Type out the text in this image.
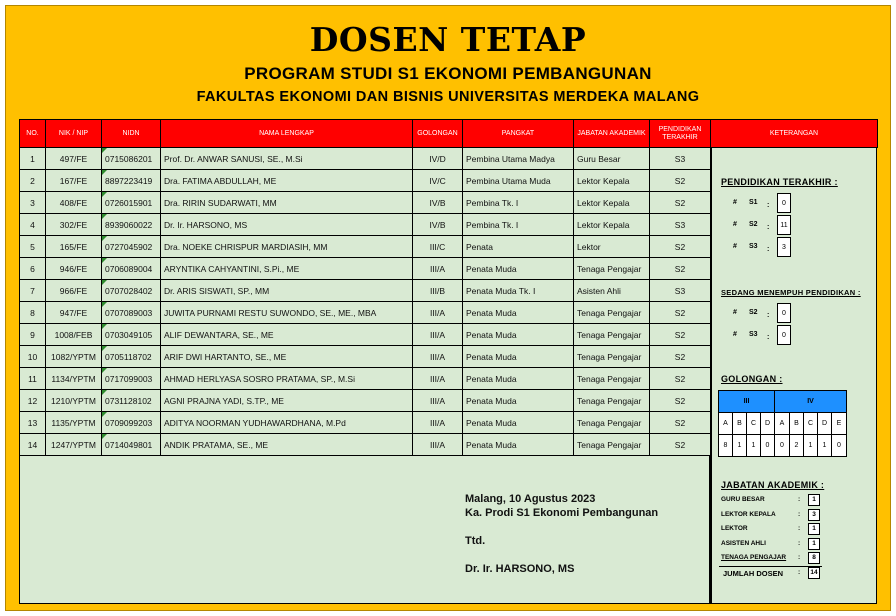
DOSEN TETAP
PROGRAM STUDI S1 EKONOMI PEMBANGUNAN
FAKULTAS EKONOMI DAN BISNIS UNIVERSITAS MERDEKA MALANG
NO.	NIK / NIP	NIDN	NAMA LENGKAP	GOLONGAN	PANGKAT	JABATAN AKADEMIK	PENDIDIKAN TERAKHIR	KETERANGAN
1	497/FE	0715086201	Prof. Dr. ANWAR SANUSI, SE., M.Si	IV/D	Pembina Utama Madya	Guru Besar	S3	
2	167/FE	8897223419	Dra. FATIMA ABDULLAH, ME	IV/C	Pembina Utama Muda	Lektor Kepala	S2	
3	408/FE	0726015901	Dra. RIRIN SUDARWATI, MM	IV/B	Pembina Tk. I	Lektor Kepala	S2	
4	302/FE	8939060022	Dr. Ir. HARSONO, MS	IV/B	Pembina Tk. I	Lektor Kepala	S3	
5	165/FE	0727045902	Dra. NOEKE CHRISPUR MARDIASIH, MM	III/C	Penata	Lektor	S2	
6	946/FE	0706089004	ARYNTIKA CAHYANTINI, S.Pi., ME	III/A	Penata Muda	Tenaga Pengajar	S2	
7	966/FE	0707028402	Dr. ARIS SISWATI, SP., MM	III/B	Penata Muda Tk. I	Asisten Ahli	S3	
8	947/FE	0707089003	JUWITA PURNAMI RESTU SUWONDO, SE., ME., MBA	III/A	Penata Muda	Tenaga Pengajar	S2	
9	1008/FEB	0703049105	ALIF DEWANTARA, SE., ME	III/A	Penata Muda	Tenaga Pengajar	S2	
10	1082/YPTM	0705118702	ARIF DWI HARTANTO, SE., ME	III/A	Penata Muda	Tenaga Pengajar	S2	
11	1134/YPTM	0717099003	AHMAD HERLYASA SOSRO PRATAMA, SP., M.Si	III/A	Penata Muda	Tenaga Pengajar	S2	
12	1210/YPTM	0731128102	AGNI PRAJNA YADI, S.TP., ME	III/A	Penata Muda	Tenaga Pengajar	S2	
13	1135/YPTM	0709099203	ADITYA NOORMAN YUDHAWARDHANA, M.Pd	III/A	Penata Muda	Tenaga Pengajar	S2	
14	1247/YPTM	0714049801	ANDIK PRATAMA, SE., ME	III/A	Penata Muda	Tenaga Pengajar	S2	
Malang, 10 Agustus 2023
Ka. Prodi S1 Ekonomi Pembangunan
Ttd.
Dr. Ir. HARSONO, MS
PENDIDIKAN TERAKHIR :
# S1 :	0
# S2 :	11
# S3 :	3
SEDANG MENEMPUH PENDIDIKAN :
# S2 :	0
# S3 :	0
GOLONGAN :
III				IV				
A	B	C	D	A	B	C	D	E
8	1	1	0	0	2	1	1	0
JABATAN AKADEMIK :
GURU BESAR	:	1
LEKTOR KEPALA	:	3
LEKTOR	:	1
ASISTEN AHLI	:	1
TENAGA PENGAJAR :	8
JUMLAH DOSEN :	14
